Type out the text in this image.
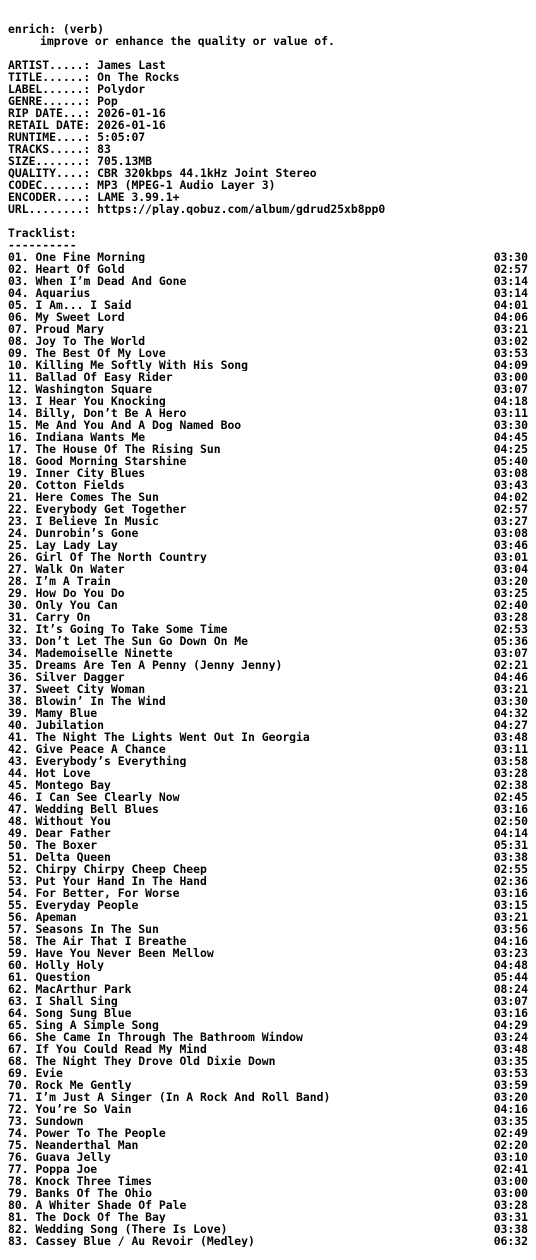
enrich: (verb)
improve or enhance the quality or value of.
ARTIST.....: James Last
TITLE......: On The Rocks
LABEL......: Polydor
GENRE......: Pop
RIP DATE...: 2026-01-16
RETAIL DATE: 2026-01-16
RUNTIME....: 5:05:07
TRACKS.....: 83
SIZE.......: 705.13MB
QUALITY....: CBR 320kbps 44.1kHz Joint Stereo
CODEC......: MP3 (MPEG-1 Audio Layer 3)
ENCODER....: LAME 3.99.1+
URL........: https://play.qobuz.com/album/gdrud25xb8pp0
Tracklist:
----------
01. One Fine Morning	03:30
02. Heart Of Gold	02:57
03. When I’m Dead And Gone	03:14
04. Aquarius	03:14
05. I Am... I Said	04:01
06. My Sweet Lord	04:06
07. Proud Mary	03:21
08. Joy To The World	03:02
09. The Best Of My Love	03:53
10. Killing Me Softly With His Song	04:09
11. Ballad Of Easy Rider	03:00
12. Washington Square	03:07
13. I Hear You Knocking	04:18
14. Billy, Don’t Be A Hero	03:11
15. Me And You And A Dog Named Boo	03:30
16. Indiana Wants Me	04:45
17. The House Of The Rising Sun	04:25
18. Good Morning Starshine	05:40
19. Inner City Blues	03:08
20. Cotton Fields	03:43
21. Here Comes The Sun	04:02
22. Everybody Get Together	02:57
23. I Believe In Music	03:27
24. Dunrobin’s Gone	03:08
25. Lay Lady Lay	03:46
26. Girl Of The North Country	03:01
27. Walk On Water	03:04
28. I’m A Train	03:20
29. How Do You Do	03:25
30. Only You Can	02:40
31. Carry On	03:28
32. It’s Going To Take Some Time	02:53
33. Don’t Let The Sun Go Down On Me	05:36
34. Mademoiselle Ninette	03:07
35. Dreams Are Ten A Penny (Jenny Jenny)	02:21
36. Silver Dagger	04:46
37. Sweet City Woman	03:21
38. Blowin’ In The Wind	03:30
39. Mamy Blue	04:32
40. Jubilation	04:27
41. The Night The Lights Went Out In Georgia	03:48
42. Give Peace A Chance	03:11
43. Everybody’s Everything	03:58
44. Hot Love	03:28
45. Montego Bay	02:38
46. I Can See Clearly Now	02:45
47. Wedding Bell Blues	03:16
48. Without You	02:50
49. Dear Father	04:14
50. The Boxer	05:31
51. Delta Queen	03:38
52. Chirpy Chirpy Cheep Cheep	02:55
53. Put Your Hand In The Hand	02:36
54. For Better, For Worse	03:16
55. Everyday People	03:15
56. Apeman	03:21
57. Seasons In The Sun	03:56
58. The Air That I Breathe	04:16
59. Have You Never Been Mellow	03:23
60. Holly Holy	04:48
61. Question	05:44
62. MacArthur Park	08:24
63. I Shall Sing	03:07
64. Song Sung Blue	03:16
65. Sing A Simple Song	04:29
66. She Came In Through The Bathroom Window	03:24
67. If You Could Read My Mind	03:48
68. The Night They Drove Old Dixie Down	03:35
69. Evie	03:53
70. Rock Me Gently	03:59
71. I’m Just A Singer (In A Rock And Roll Band)	03:20
72. You’re So Vain	04:16
73. Sundown	03:35
74. Power To The People	02:49
75. Neanderthal Man	02:20
76. Guava Jelly	03:10
77. Poppa Joe	02:41
78. Knock Three Times	03:00
79. Banks Of The Ohio	03:00
80. A Whiter Shade Of Pale	03:28
81. The Dock Of The Bay	03:31
82. Wedding Song (There Is Love)	03:38
83. Cassey Blue / Au Revoir (Medley)	06:32
